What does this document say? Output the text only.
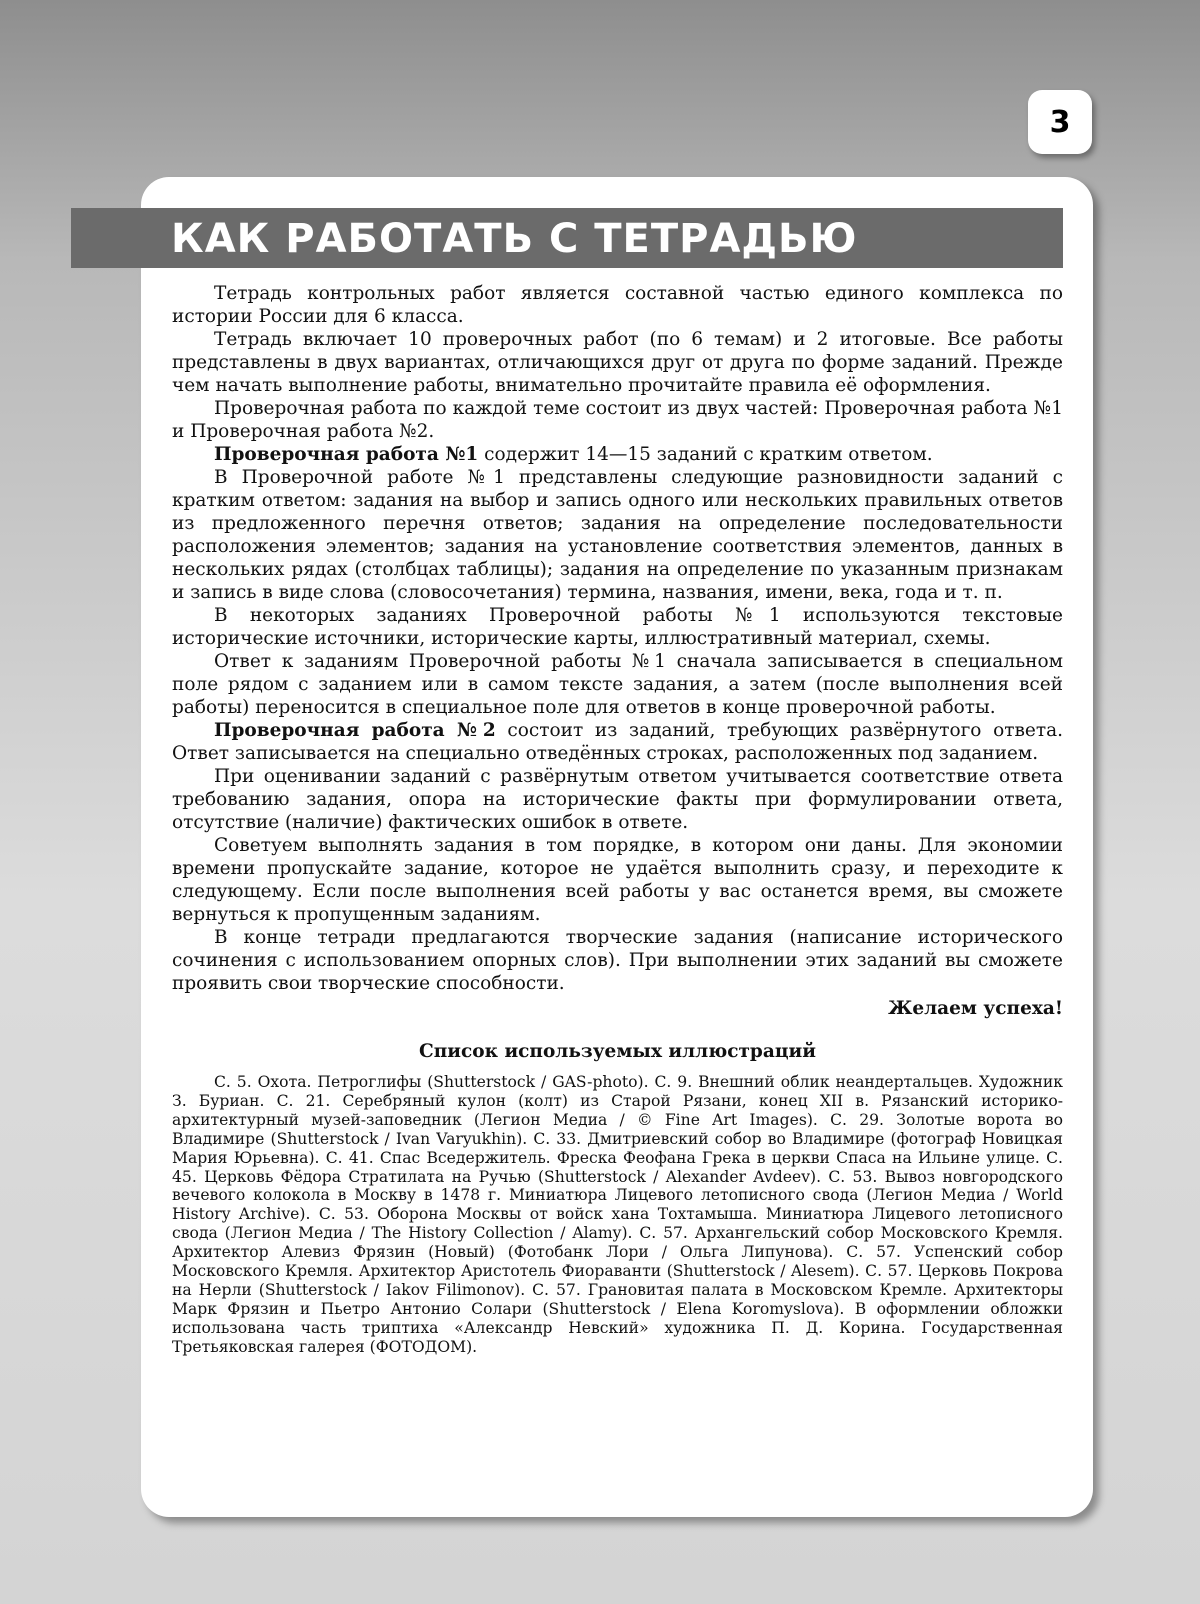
3
КАК РАБОТАТЬ С ТЕТРАДЬЮ

Тетрадь контрольных работ является составной частью единого комплекса по истории России для 6 класса.

Тетрадь включает 10 проверочных работ (по 6 темам) и 2 итоговые. Все работы представлены в двух вариантах, отличающихся друг от друга по форме заданий. Прежде чем начать выполнение работы, внимательно прочитайте правила её оформления.

Проверочная работа по каждой теме состоит из двух частей: Проверочная работа №1 и Проверочная работа №2.

Проверочная работа №1 содержит 14—15 заданий с кратким ответом.

В Проверочной работе №1 представлены следующие разновидности заданий с кратким ответом: задания на выбор и запись одного или нескольких правильных ответов из предложенного перечня ответов; задания на определение последовательности расположения элементов; задания на установление соответствия элементов, данных в нескольких рядах (столбцах таблицы); задания на определение по указанным признакам и запись в виде слова (словосочетания) термина, названия, имени, века, года и т. п.

В некоторых заданиях Проверочной работы №1 используются текстовые исторические источники, исторические карты, иллюстративный материал, схемы.

Ответ к заданиям Проверочной работы №1 сначала записывается в специальном поле рядом с заданием или в самом тексте задания, а затем (после выполнения всей работы) переносится в специальное поле для ответов в конце проверочной работы.

Проверочная работа №2 состоит из заданий, требующих развёрнутого ответа. Ответ записывается на специально отведённых строках, расположенных под заданием.

При оценивании заданий с развёрнутым ответом учитывается соответствие ответа требованию задания, опора на исторические факты при формулировании ответа, отсутствие (наличие) фактических ошибок в ответе.

Советуем выполнять задания в том порядке, в котором они даны. Для экономии времени пропускайте задание, которое не удаётся выполнить сразу, и переходите к следующему. Если после выполнения всей работы у вас останется время, вы сможете вернуться к пропущенным заданиям.

В конце тетради предлагаются творческие задания (написание исторического сочинения с использованием опорных слов). При выполнении этих заданий вы сможете проявить свои творческие способности.

Желаем успеха!
Список используемых иллюстраций
С. 5. Охота. Петроглифы (Shutterstock / GAS-photo). С. 9. Внешний облик неандертальцев. Художник З. Буриан. С. 21. Серебряный кулон (колт) из Старой Рязани, конец XII в. Рязанский историко-архитектурный музей-заповедник (Легион Медиа / © Fine Art Images). С. 29. Золотые ворота во Владимире (Shutterstock / Ivan Varyukhin). С. 33. Дмитриевский собор во Владимире (фотограф Новицкая Мария Юрьевна). С. 41. Спас Вседержитель. Фреска Феофана Грека в церкви Спаса на Ильине улице. С. 45. Церковь Фёдора Стратилата на Ручью (Shutterstock / Alexander Avdeev). С. 53. Вывоз новгородского вечевого колокола в Москву в 1478 г. Миниатюра Лицевого летописного свода (Легион Медиа / World History Archive). С. 53. Оборона Москвы от войск хана Тохтамыша. Миниатюра Лицевого летописного свода (Легион Медиа / The History Collection / Alamy). С. 57. Архангельский собор Московского Кремля. Архитектор Алевиз Фрязин (Новый) (Фотобанк Лори / Ольга Липунова). С. 57. Успенский собор Московского Кремля. Архитектор Аристотель Фиораванти (Shutterstock / Alesem). С. 57. Церковь Покрова на Нерли (Shutterstock / Iakov Filimonov). С. 57. Грановитая палата в Московском Кремле. Архитекторы Марк Фрязин и Пьетро Антонио Солари (Shutterstock / Elena Koromyslova). В оформлении обложки использована часть триптиха «Александр Невский» художника П. Д. Корина. Государственная Третьяковская галерея (ФОТОДОМ).
